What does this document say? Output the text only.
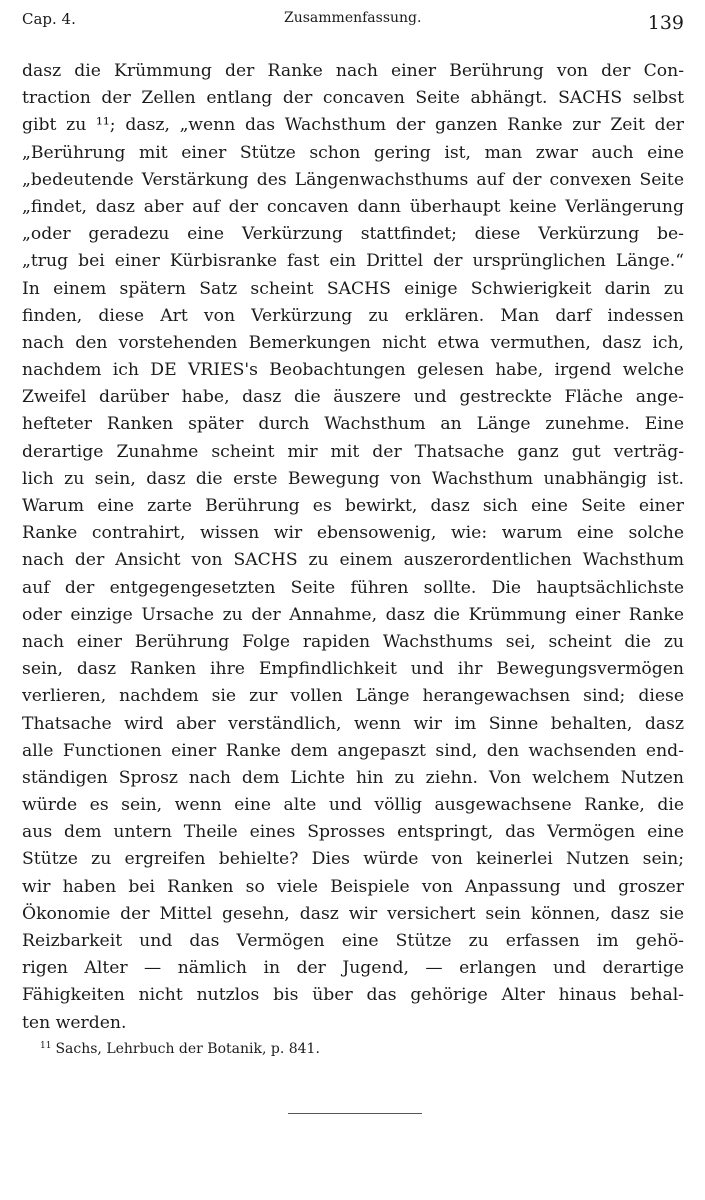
Cap. 4.	Zusammenfassung.	139
dasz die Krümmung der Ranke nach einer Berührung von der Con-
traction der Zellen entlang der concaven Seite abhängt. SACHS selbst
gibt zu ¹¹; dasz, „wenn das Wachsthum der ganzen Ranke zur Zeit der
„Berührung mit einer Stütze schon gering ist, man zwar auch eine
„bedeutende Verstärkung des Längenwachsthums auf der convexen Seite
„findet, dasz aber auf der concaven dann überhaupt keine Verlängerung
„oder geradezu eine Verkürzung stattfindet; diese Verkürzung be-
„trug bei einer Kürbisranke fast ein Drittel der ursprünglichen Länge.“
In einem spätern Satz scheint SACHS einige Schwierigkeit darin zu
finden, diese Art von Verkürzung zu erklären. Man darf indessen
nach den vorstehenden Bemerkungen nicht etwa vermuthen, dasz ich,
nachdem ich DE VRIES's Beobachtungen gelesen habe, irgend welche
Zweifel darüber habe, dasz die äuszere und gestreckte Fläche ange-
hefteter Ranken später durch Wachsthum an Länge zunehme. Eine
derartige Zunahme scheint mir mit der Thatsache ganz gut verträg-
lich zu sein, dasz die erste Bewegung von Wachsthum unabhängig ist.
Warum eine zarte Berührung es bewirkt, dasz sich eine Seite einer
Ranke contrahirt, wissen wir ebensowenig, wie: warum eine solche
nach der Ansicht von SACHS zu einem auszerordentlichen Wachsthum
auf der entgegengesetzten Seite führen sollte. Die hauptsächlichste
oder einzige Ursache zu der Annahme, dasz die Krümmung einer Ranke
nach einer Berührung Folge rapiden Wachsthums sei, scheint die zu
sein, dasz Ranken ihre Empfindlichkeit und ihr Bewegungsvermögen
verlieren, nachdem sie zur vollen Länge herangewachsen sind; diese
Thatsache wird aber verständlich, wenn wir im Sinne behalten, dasz
alle Functionen einer Ranke dem angepaszt sind, den wachsenden end-
ständigen Sprosz nach dem Lichte hin zu ziehn. Von welchem Nutzen
würde es sein, wenn eine alte und völlig ausgewachsene Ranke, die
aus dem untern Theile eines Sprosses entspringt, das Vermögen eine
Stütze zu ergreifen behielte? Dies würde von keinerlei Nutzen sein;
wir haben bei Ranken so viele Beispiele von Anpassung und groszer
Ökonomie der Mittel gesehn, dasz wir versichert sein können, dasz sie
Reizbarkeit und das Vermögen eine Stütze zu erfassen im gehö-
rigen Alter — nämlich in der Jugend, — erlangen und derartige
Fähigkeiten nicht nutzlos bis über das gehörige Alter hinaus behal-
ten werden.
$^{11}$ Sachs, Lehrbuch der Botanik, p. 841.
